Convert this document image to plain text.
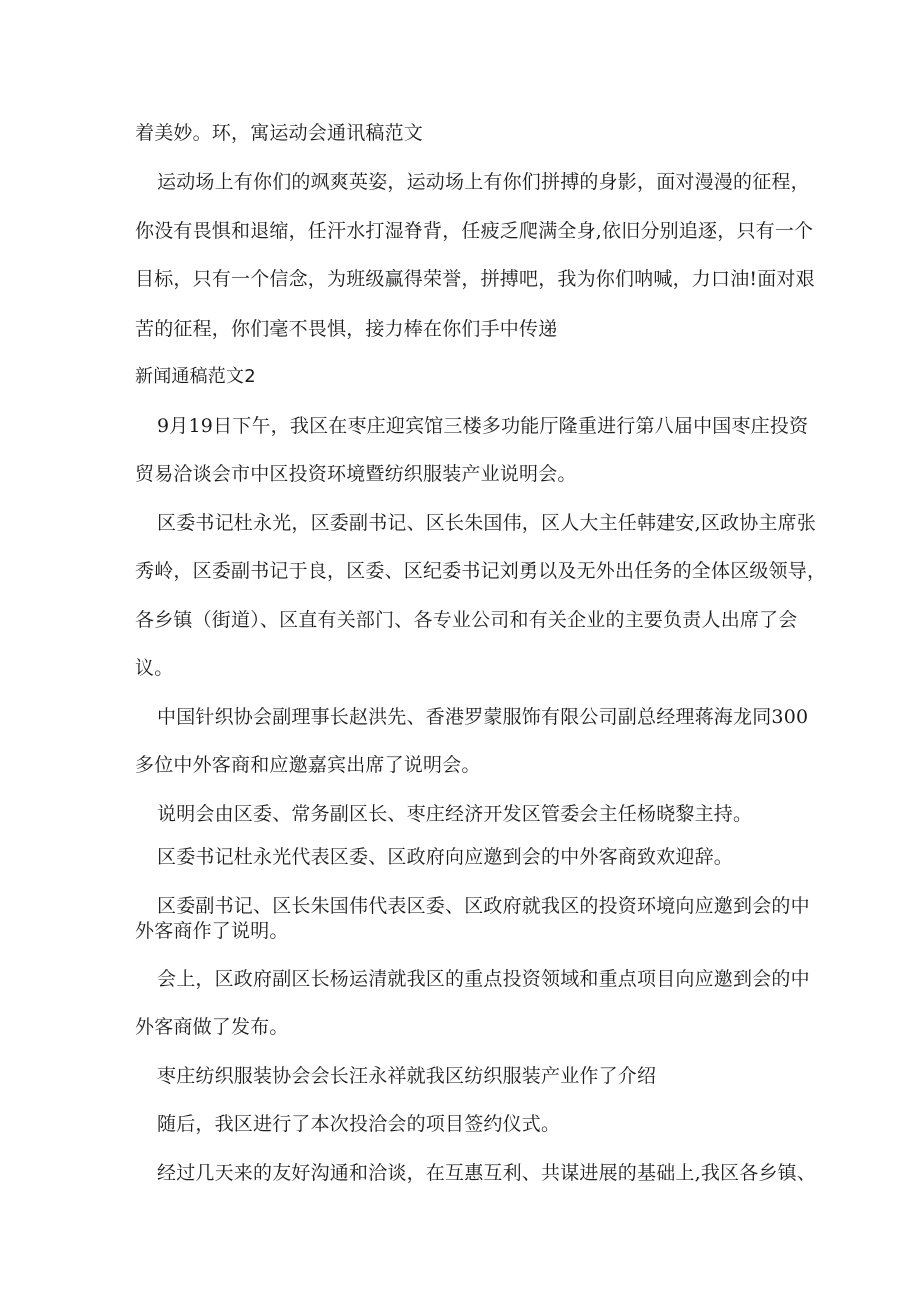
着美妙。环，寓运动会通讯稿范文
运动场上有你们的飒爽英姿，运动场上有你们拼搏的身影，面对漫漫的征程，
你没有畏惧和退缩，任汗水打湿脊背，任疲乏爬满全身,依旧分别追逐，只有一个
目标，只有一个信念，为班级赢得荣誉，拼搏吧，我为你们呐喊，力口油!面对艰
苦的征程，你们毫不畏惧，接力棒在你们手中传递
新闻通稿范文2
9月19日下午，我区在枣庄迎宾馆三楼多功能厅隆重进行第八届中国枣庄投资
贸易洽谈会市中区投资环境暨纺织服装产业说明会。
区委书记杜永光，区委副书记、区长朱国伟，区人大主任韩建安,区政协主席张
秀岭，区委副书记于良，区委、区纪委书记刘勇以及无外出任务的全体区级领导，
各乡镇（街道）、区直有关部门、各专业公司和有关企业的主要负责人出席了会
议。
中国针织协会副理事长赵洪先、香港罗蒙服饰有限公司副总经理蒋海龙同300
多位中外客商和应邀嘉宾出席了说明会。
说明会由区委、常务副区长、枣庄经济开发区管委会主任杨晓黎主持。
区委书记杜永光代表区委、区政府向应邀到会的中外客商致欢迎辞。
区委副书记、区长朱国伟代表区委、区政府就我区的投资环境向应邀到会的中
外客商作了说明。
会上，区政府副区长杨运清就我区的重点投资领域和重点项目向应邀到会的中
外客商做了发布。
枣庄纺织服装协会会长汪永祥就我区纺织服装产业作了介绍
随后，我区进行了本次投洽会的项目签约仪式。
经过几天来的友好沟通和洽谈，在互惠互利、共谋进展的基础上,我区各乡镇、
